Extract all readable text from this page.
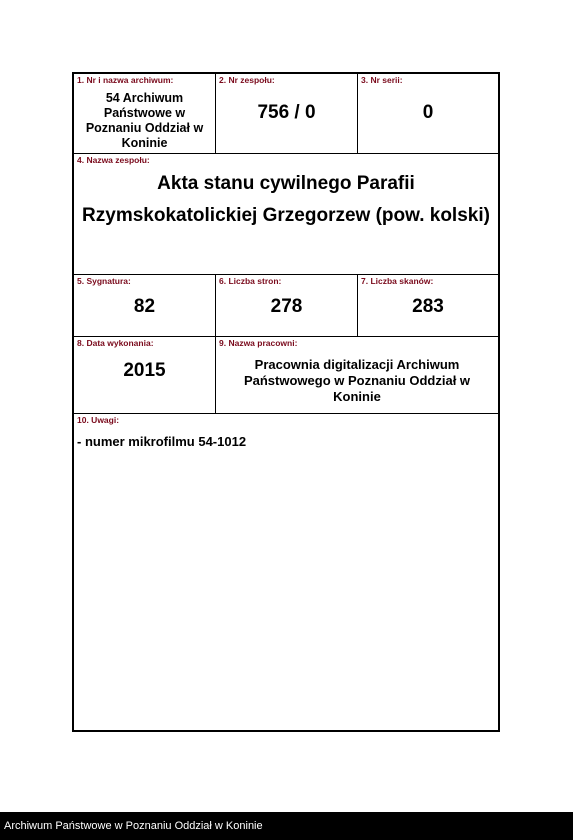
1. Nr i nazwa archiwum:
54 Archiwum Państwowe w Poznaniu Oddział w Koninie
2. Nr zespołu:
756 / 0
3. Nr serii:
0
4. Nazwa zespołu:
Akta stanu cywilnego Parafii
Rzymskokatolickiej Grzegorzew (pow. kolski)
5. Sygnatura:
82
6. Liczba stron:
278
7. Liczba skanów:
283
8. Data wykonania:
2015
9. Nazwa pracowni:
Pracownia digitalizacji Archiwum Państwowego w Poznaniu Oddział w Koninie
10. Uwagi:
- numer mikrofilmu 54-1012
Archiwum Państwowe w Poznaniu Oddział w Koninie
